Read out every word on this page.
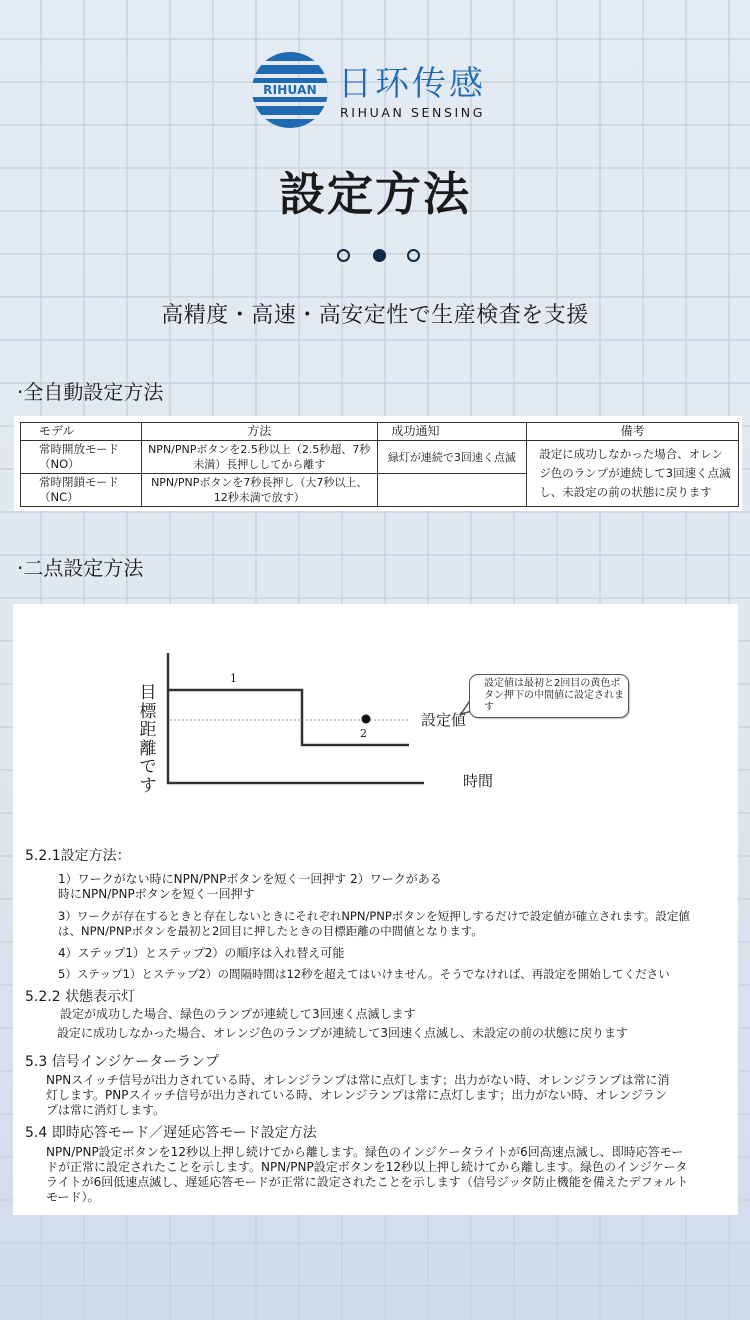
RIHUAN 日环传感
RIHUAN SENSING
設定方法
高精度・高速・高安定性で生産検査を支援
·全自動設定方法
モデル	方法	成功通知	備考
常時開放モード（NO）	NPN/PNPボタンを2.5秒以上（2.5秒超、7秒未満）長押ししてから離す	緑灯が連続で3回速く点滅	設定に成功しなかった場合、オレンジ色のランプが連続して3回速く点滅し、未設定の前の状態に戻ります
常時閉鎖モード（NC）	NPN/PNPボタンを7秒長押し（大7秒以上、12秒未満で放す）		
·二点設定方法
目標距離です
1
2
設定値
時間
設定値は最初と2回目の黄色ボタン押下の中間値に設定されます
5.2.1設定方法：
1）ワークがない時にNPN/PNPボタンを短く一回押す 2）ワークがある
時にNPN/PNPボタンを短く一回押す
3）ワークが存在するときと存在しないときにそれぞれNPN/PNPボタンを短押しするだけで設定値が確立されます。設定値
は、NPN/PNPボタンを最初と2回目に押したときの目標距離の中間値となります。
4）ステップ1）とステップ2）の順序は入れ替え可能
5）ステップ1）とステップ2）の間隔時間は12秒を超えてはいけません。そうでなければ、再設定を開始してください
5.2.2 状態表示灯
設定が成功した場合、緑色のランプが連続して3回速く点滅します
設定に成功しなかった場合、オレンジ色のランプが連続して3回速く点滅し、未設定の前の状態に戻ります
5.3 信号インジケーターランプ
NPNスイッチ信号が出力されている時、オレンジランプは常に点灯します；出力がない時、オレンジランプは常に消
灯します。PNPスイッチ信号が出力されている時、オレンジランプは常に点灯します；出力がない時、オレンジラン
プは常に消灯します。
5.4 即時応答モード／遅延応答モード設定方法
NPN/PNP設定ボタンを12秒以上押し続けてから離します。緑色のインジケータライトが6回高速点滅し、即時応答モー
ドが正常に設定されたことを示します。NPN/PNP設定ボタンを12秒以上押し続けてから離します。緑色のインジケータ
ライトが6回低速点滅し、遅延応答モードが正常に設定されたことを示します（信号ジッタ防止機能を備えたデフォルト
モード）。
